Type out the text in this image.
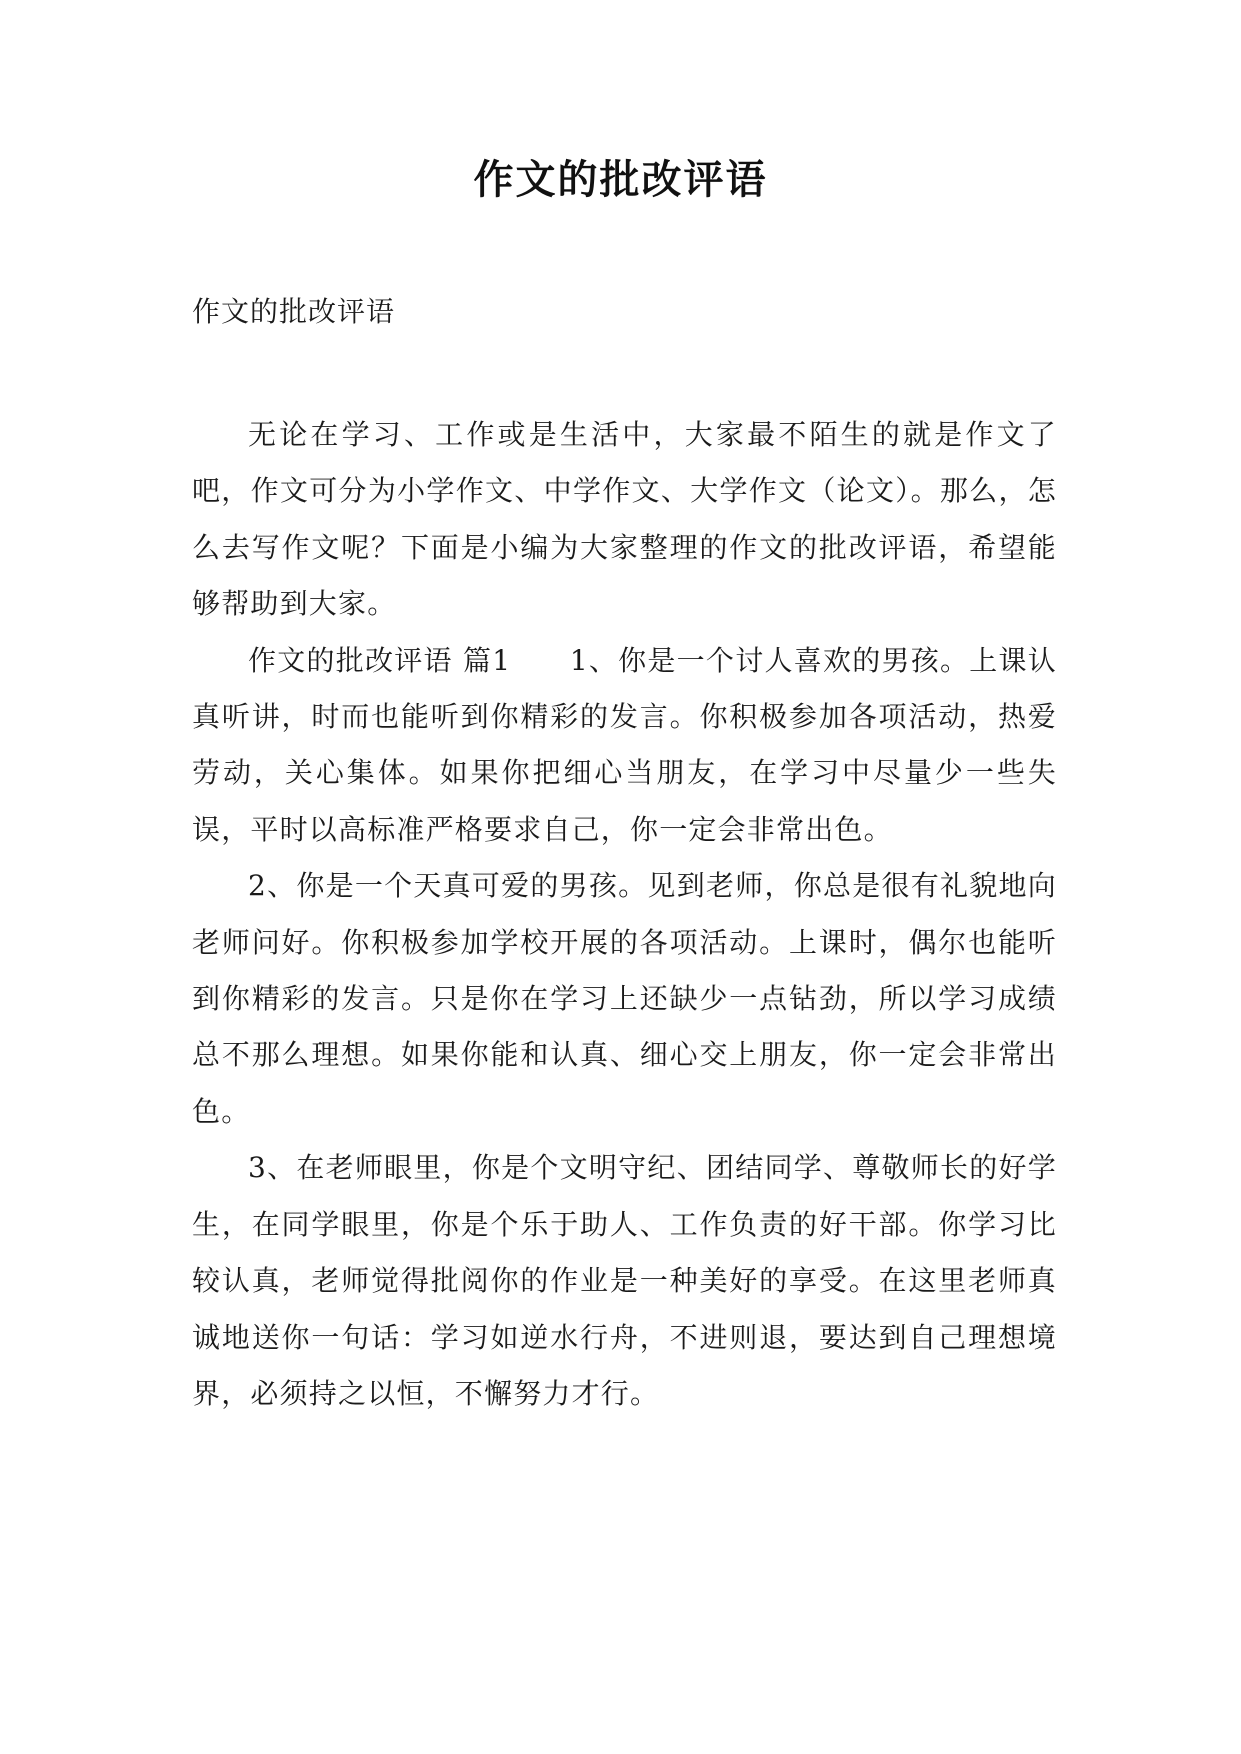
作文的批改评语

作文的批改评语

无论在学习、工作或是生活中，大家最不陌生的就是作文了吧，作文可分为小学作文、中学作文、大学作文（论文）。那么，怎么去写作文呢？下面是小编为大家整理的作文的批改评语，希望能够帮助到大家。

作文的批改评语 篇1　　1、你是一个讨人喜欢的男孩。上课认真听讲，时而也能听到你精彩的发言。你积极参加各项活动，热爱劳动，关心集体。如果你把细心当朋友，在学习中尽量少一些失误，平时以高标准严格要求自己，你一定会非常出色。

2、你是一个天真可爱的男孩。见到老师，你总是很有礼貌地向老师问好。你积极参加学校开展的各项活动。上课时，偶尔也能听到你精彩的发言。只是你在学习上还缺少一点钻劲，所以学习成绩总不那么理想。如果你能和认真、细心交上朋友，你一定会非常出色。

3、在老师眼里，你是个文明守纪、团结同学、尊敬师长的好学生，在同学眼里，你是个乐于助人、工作负责的好干部。你学习比较认真，老师觉得批阅你的作业是一种美好的享受。在这里老师真诚地送你一句话：学习如逆水行舟，不进则退，要达到自己理想境界，必须持之以恒，不懈努力才行。
